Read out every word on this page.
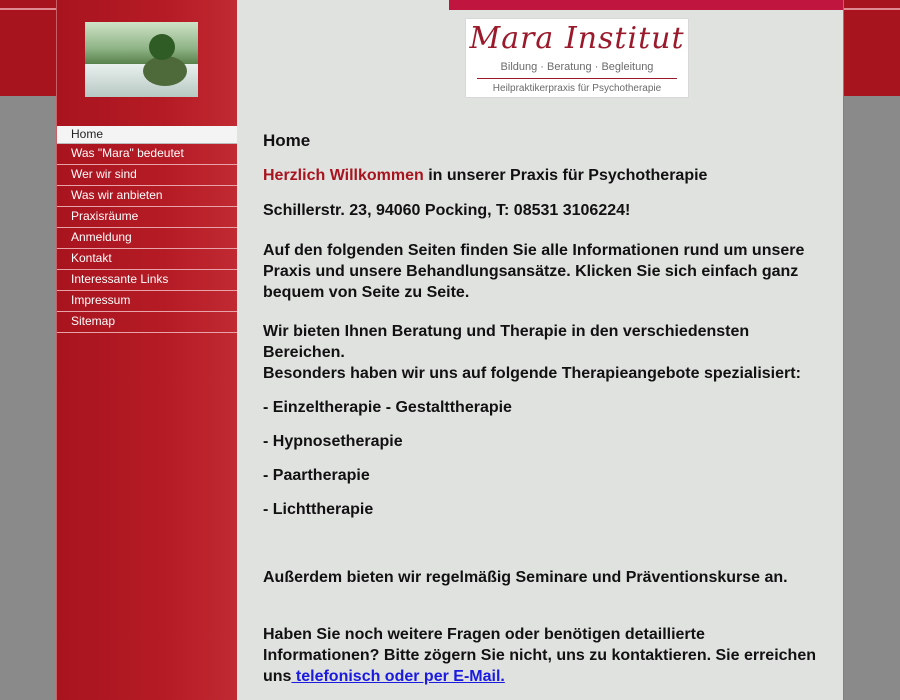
Home
Was "Mara" bedeutet
Wer wir sind
Was wir anbieten
Praxisräume
Anmeldung
Kontakt
Interessante Links
Impressum
Sitemap
Mara Institut
Bildung · Beratung · Begleitung
Heilpraktikerpraxis für Psychotherapie

Home

Herzlich Willkommen in unserer Praxis für Psychotherapie

Schillerstr. 23, 94060 Pocking, T: 08531 3106224!

Auf den folgenden Seiten finden Sie alle Informationen rund um unsere Praxis und unsere Behandlungsansätze. Klicken Sie sich einfach ganz bequem von Seite zu Seite.

Wir bieten Ihnen Beratung und Therapie in den verschiedensten Bereichen.

Besonders haben wir uns auf folgende Therapieangebote spezialisiert:

- Einzeltherapie - Gestalttherapie

- Hypnosetherapie

- Paartherapie

- Lichttherapie

Außerdem bieten wir regelmäßig Seminare und Präventionskurse an.

Haben Sie noch weitere Fragen oder benötigen detaillierte Informationen? Bitte zögern Sie nicht, uns zu kontaktieren. Sie erreichen uns telefonisch oder per E-Mail.
